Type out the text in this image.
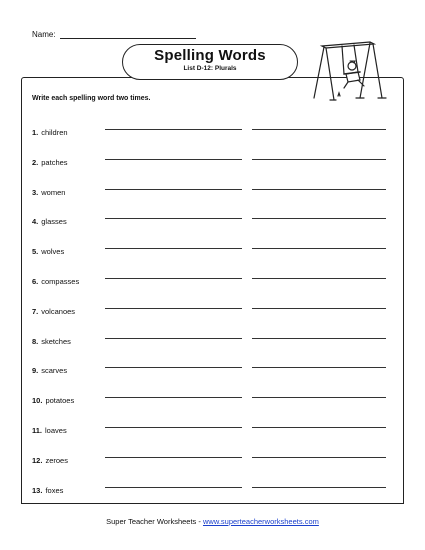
Name:
Spelling Words
List D-12: Plurals
Write each spelling word two times.
1. children
2. patches
3. women
4. glasses
5. wolves
6. compasses
7. volcanoes
8. sketches
9. scarves
10. potatoes
11. loaves
12. zeroes
13. foxes
Super Teacher Worksheets - www.superteacherworksheets.com
